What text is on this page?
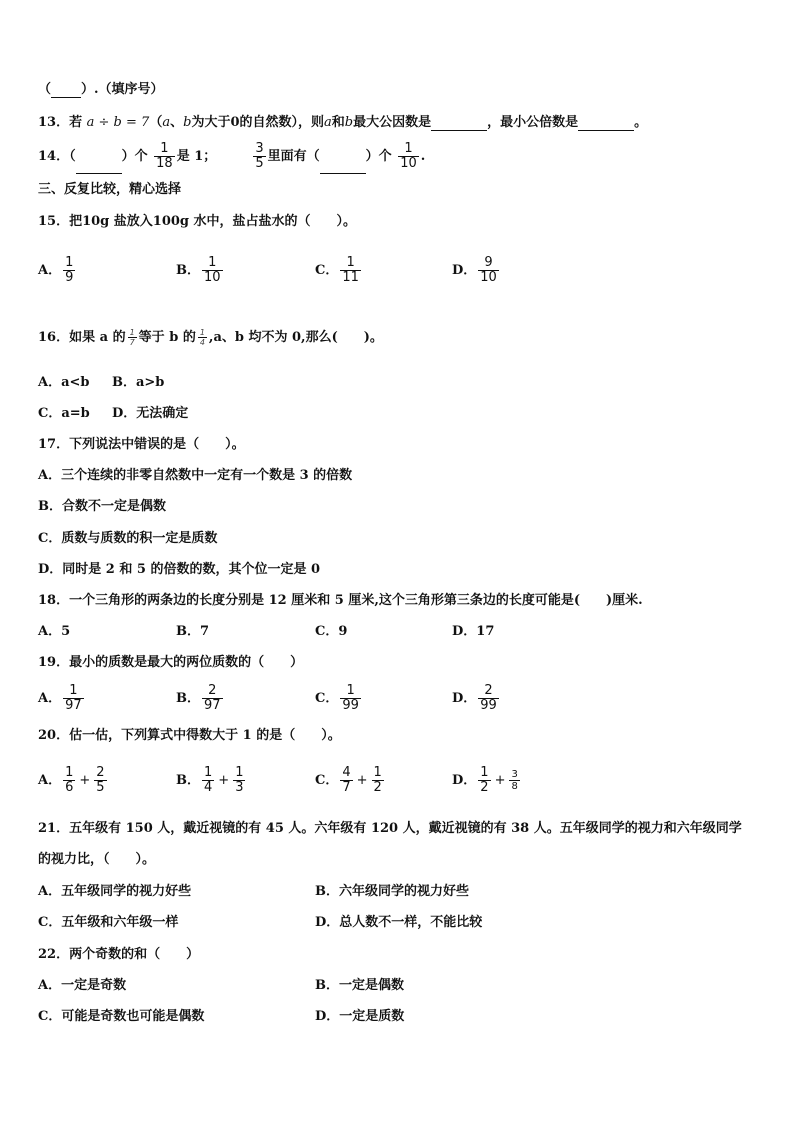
（ ）.（填序号）
13．若 a ÷ b = 7（a、b为大于0的自然数），则a和b最大公因数是	，最小公倍数是	。
14．（	）个 $\frac{1}{18}$ 是 1；	$\frac{3}{5}$ 里面有（	）个 $\frac{1}{10}$ .
三、反复比较，精心选择
15．把10g 盐放入100g 水中，盐占盐水的（　　）。
A． $\frac{1}{9}$	B． $\frac{1}{10}$	C． $\frac{1}{11}$	D． $\frac{9}{10}$
16．如果 a 的 $\frac{1}{7}$ 等于 b 的 $\frac{1}{4} ,a$、b 均不为 0,那么(　　)。
A．a<b B．a>b
C．a=b D．无法确定
17．下列说法中错误的是（　　）。
A．三个连续的非零自然数中一定有一个数是 3 的倍数
B．合数不一定是偶数
C．质数与质数的积一定是质数
D．同时是 2 和 5 的倍数的数，其个位一定是 0
18．一个三角形的两条边的长度分别是 12 厘米和 5 厘米,这个三角形第三条边的长度可能是(　　)厘米.
A．5	B．7	C．9	D．17
19．最小的质数是最大的两位质数的（　　）
A． $\frac{1}{97}$	B． $\frac{2}{97}$	C． $\frac{1}{99}$	D． $\frac{2}{99}$
20．估一估，下列算式中得数大于 1 的是（　　）。
A． $\frac{1}{6} + \frac{2}{5}$	B． $\frac{1}{4} + \frac{1}{3}$	C． $\frac{4}{7} + \frac{1}{2}$	D． $\frac{1}{2} + \frac{3}{8}$
21．五年级有 150 人，戴近视镜的有 45 人。六年级有 120 人，戴近视镜的有 38 人。五年级同学的视力和六年级同学
的视力比，（　　）。
A．五年级同学的视力好些	B．六年级同学的视力好些
C．五年级和六年级一样	D．总人数不一样，不能比较
22．两个奇数的和（　　）
A．一定是奇数	B．一定是偶数
C．可能是奇数也可能是偶数	D．一定是质数
